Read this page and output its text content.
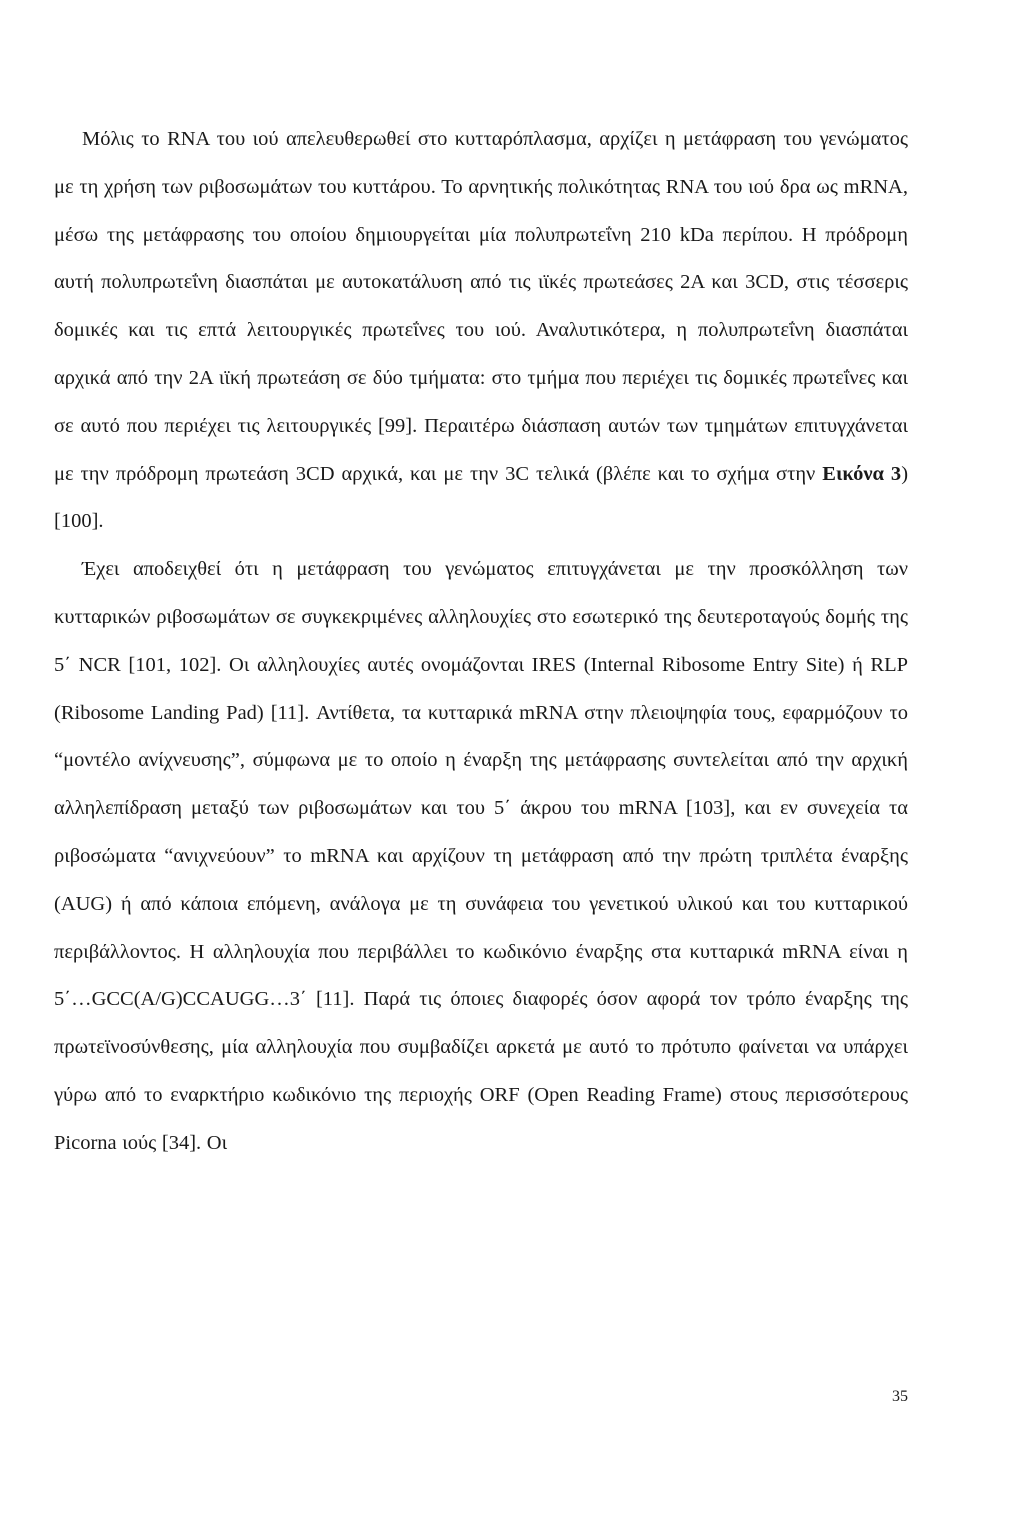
Μόλις το RNA του ιού απελευθερωθεί στο κυτταρόπλασμα, αρχίζει η μετάφραση του γενώματος με τη χρήση των ριβοσωμάτων του κυττάρου. Το αρνητικής πολικότητας RNA του ιού δρα ως mRNA, μέσω της μετάφρασης του οποίου δημιουργείται μία πολυπρωτεΐνη 210 kDa περίπου. Η πρόδρομη αυτή πολυπρωτεΐνη διασπάται με αυτοκατάλυση από τις ιϊκές πρωτεάσες 2A και 3CD, στις τέσσερις δομικές και τις επτά λειτουργικές πρωτεΐνες του ιού. Αναλυτικότερα, η πολυπρωτεΐνη διασπάται αρχικά από την 2A ιϊκή πρωτεάση σε δύο τμήματα: στο τμήμα που περιέχει τις δομικές πρωτεΐνες και σε αυτό που περιέχει τις λειτουργικές [99]. Περαιτέρω διάσπαση αυτών των τμημάτων επιτυγχάνεται με την πρόδρομη πρωτεάση 3CD αρχικά, και με την 3C τελικά (βλέπε και το σχήμα στην Εικόνα 3) [100].

Έχει αποδειχθεί ότι η μετάφραση του γενώματος επιτυγχάνεται με την προσκόλληση των κυτταρικών ριβοσωμάτων σε συγκεκριμένες αλληλουχίες στο εσωτερικό της δευτεροταγούς δομής της 5΄ NCR [101, 102]. Οι αλληλουχίες αυτές ονομάζονται IRES (Internal Ribosome Entry Site) ή RLP (Ribosome Landing Pad) [11]. Αντίθετα, τα κυτταρικά mRNA στην πλειοψηφία τους, εφαρμόζουν το “μοντέλο ανίχνευσης”, σύμφωνα με το οποίο η έναρξη της μετάφρασης συντελείται από την αρχική αλληλεπίδραση μεταξύ των ριβοσωμάτων και του 5΄ άκρου του mRNA [103], και εν συνεχεία τα ριβοσώματα “ανιχνεύουν” το mRNA και αρχίζουν τη μετάφραση από την πρώτη τριπλέτα έναρξης (AUG) ή από κάποια επόμενη, ανάλογα με τη συνάφεια του γενετικού υλικού και του κυτταρικού περιβάλλοντος. Η αλληλουχία που περιβάλλει το κωδικόνιο έναρξης στα κυτταρικά mRNA είναι η 5΄…GCC(A/G)CCAUGG…3΄ [11]. Παρά τις όποιες διαφορές όσον αφορά τον τρόπο έναρξης της πρωτεϊνοσύνθεσης, μία αλληλουχία που συμβαδίζει αρκετά με αυτό το πρότυπο φαίνεται να υπάρχει γύρω από το εναρκτήριο κωδικόνιο της περιοχής ORF (Open Reading Frame) στους περισσότερους Picorna ιούς [34]. Οι

35
